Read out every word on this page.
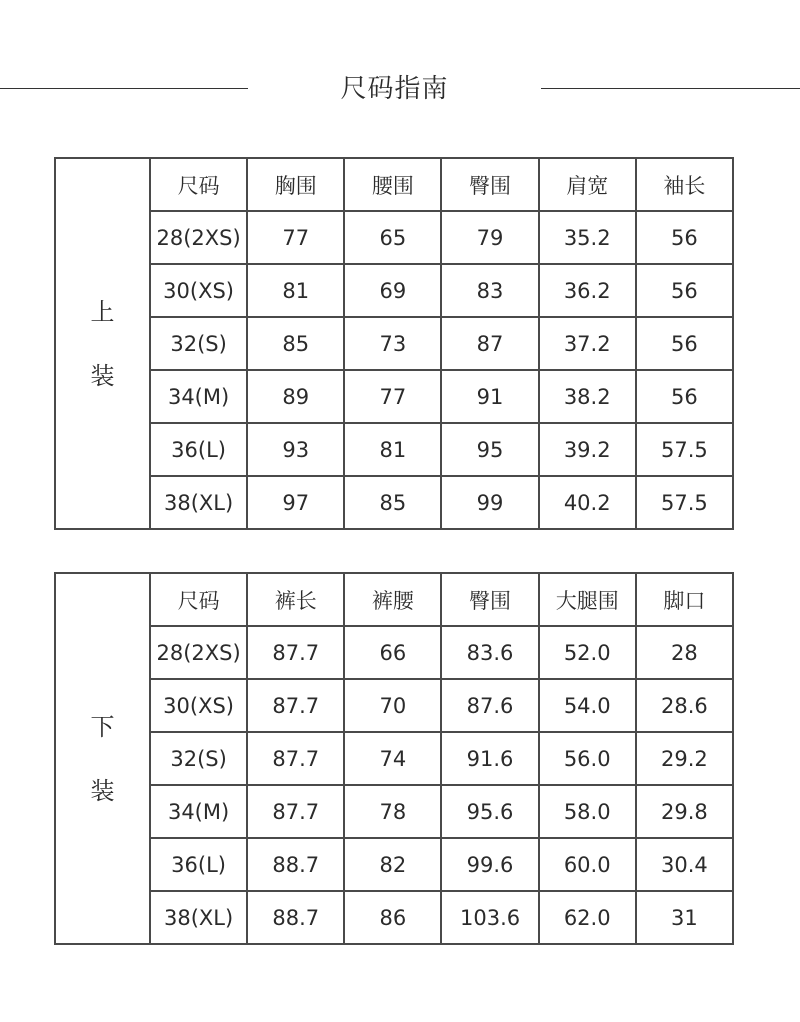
尺码指南
上
装	尺码	胸围	腰围	臀围	肩宽	袖长
	28(2XS)	77	65	79	35.2	56
	30(XS)	81	69	83	36.2	56
	32(S)	85	73	87	37.2	56
	34(M)	89	77	91	38.2	56
	36(L)	93	81	95	39.2	57.5
	38(XL)	97	85	99	40.2	57.5
下
装	尺码	裤长	裤腰	臀围	大腿围	脚口
	28(2XS)	87.7	66	83.6	52.0	28
	30(XS)	87.7	70	87.6	54.0	28.6
	32(S)	87.7	74	91.6	56.0	29.2
	34(M)	87.7	78	95.6	58.0	29.8
	36(L)	88.7	82	99.6	60.0	30.4
	38(XL)	88.7	86	103.6	62.0	31
